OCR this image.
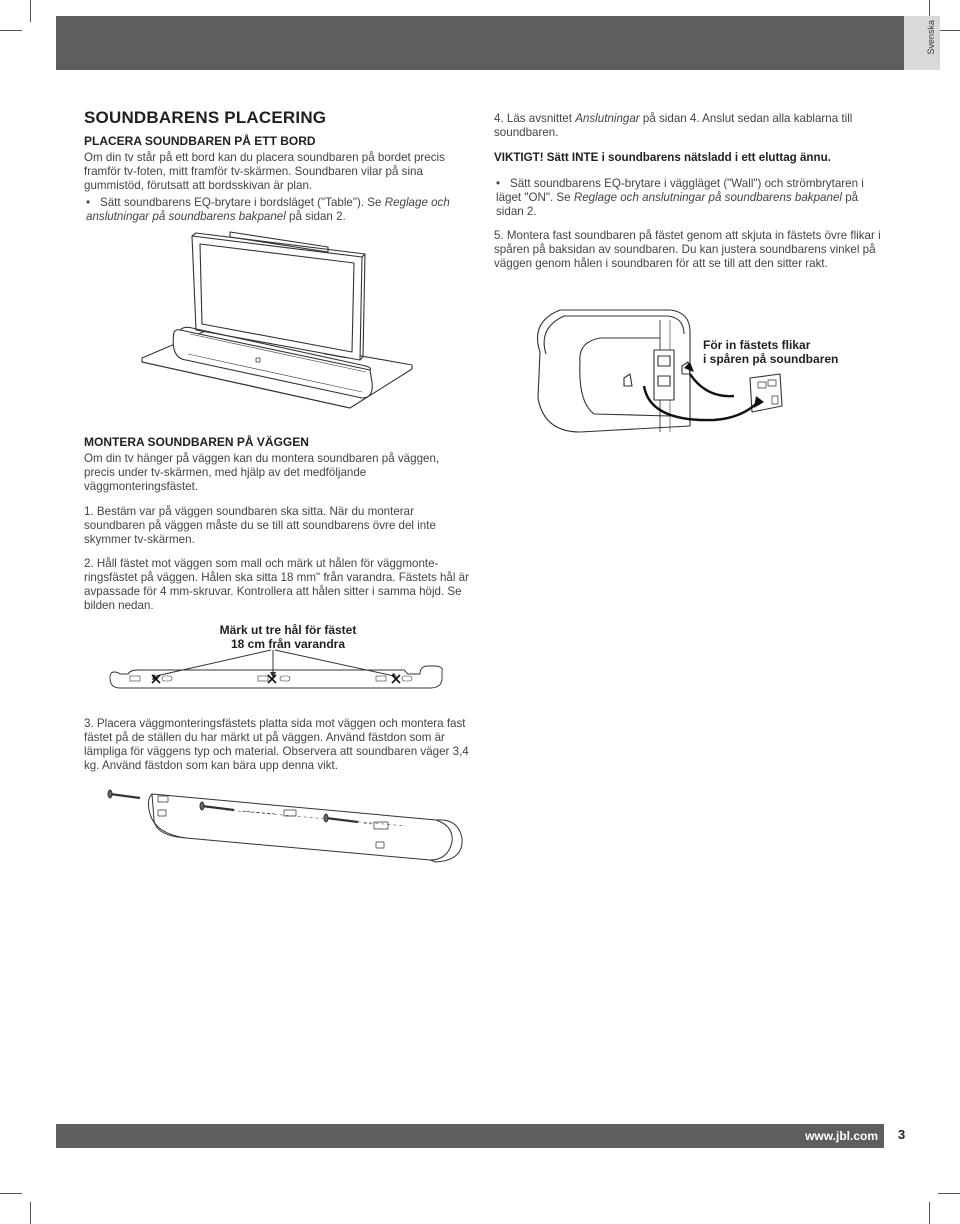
Svenska
SOUNDBARENS PLACERING
PLACERA SOUNDBAREN PÅ ETT BORD

Om din tv står på ett bord kan du placera soundbaren på bordet precis framför tv-foten, mitt framför tv-skärmen. Soundbaren vilar på sina gummistöd, förutsatt att bordsskivan är plan.

• Sätt soundbarens EQ-brytare i bordsläget ("Table"). Se Reglage och anslutningar på soundbarens bakpanel på sidan 2.

MONTERA SOUNDBAREN PÅ VÄGGEN

Om din tv hänger på väggen kan du montera soundbaren på väggen, precis under tv-skärmen, med hjälp av det medföljande väggmonteringsfästet.

1. Bestäm var på väggen soundbaren ska sitta. När du monterar soundbaren på väggen måste du se till att soundbarens övre del inte skymmer tv-skärmen.

2. Håll fästet mot väggen som mall och märk ut hålen för väggmonte-ringsfästet på väggen. Hålen ska sitta 18 mm" från varandra. Fästets hål är avpassade för 4 mm-skruvar. Kontrollera att hålen sitter i samma höjd. Se bilden nedan.

Märk ut tre hål för fästet
18 cm från varandra

3. Placera väggmonteringsfästets platta sida mot väggen och montera fast fästet på de ställen du har märkt ut på väggen. Använd fästdon som är lämpliga för väggens typ och material. Observera att soundbaren väger 3,4 kg. Använd fästdon som kan bära upp denna vikt.

4. Läs avsnittet Anslutningar på sidan 4. Anslut sedan alla kablarna till soundbaren.

VIKTIGT! Sätt INTE i soundbarens nätsladd i ett eluttag ännu.

• Sätt soundbarens EQ-brytare i väggläget ("Wall") och strömbrytaren i läget "ON". Se Reglage och anslutningar på soundbarens bakpanel på sidan 2.

5. Montera fast soundbaren på fästet genom att skjuta in fästets övre flikar i spåren på baksidan av soundbaren. Du kan justera soundbarens vinkel på väggen genom hålen i soundbaren för att se till att den sitter rakt.

För in fästets flikar
i spåren på soundbaren
www.jbl.com 3
